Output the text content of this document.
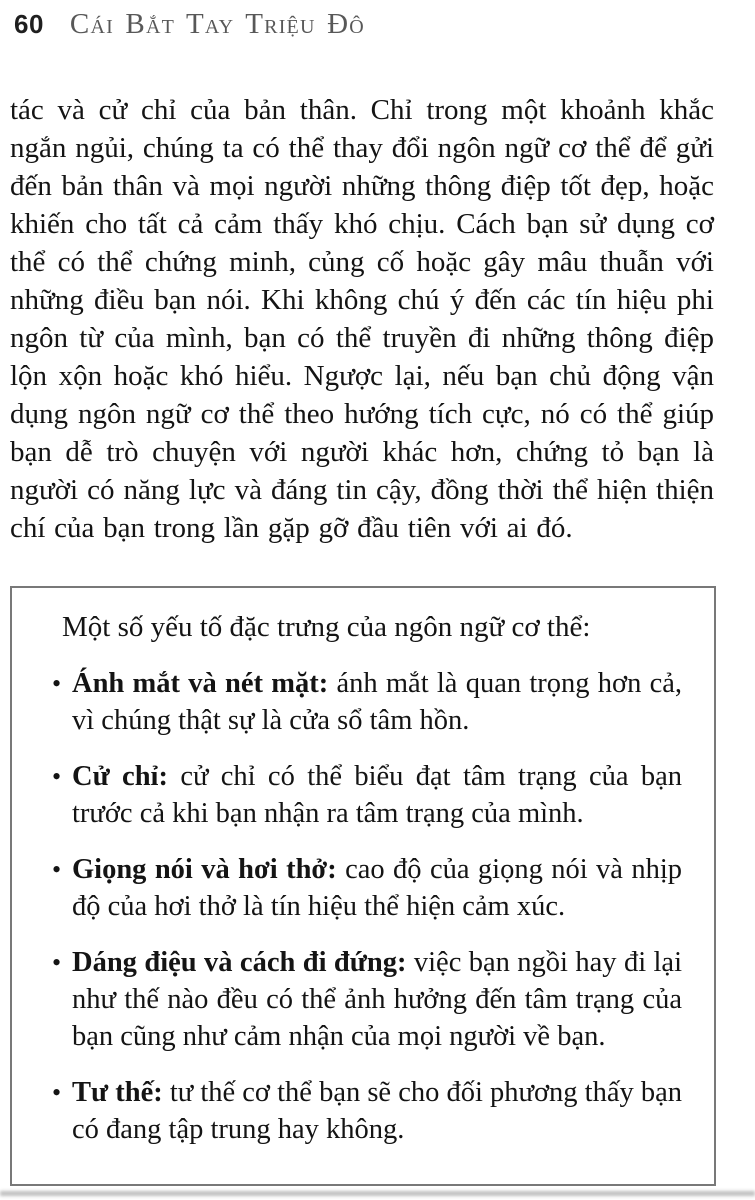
60 Cái Bắt Tay Triệu Đô

tác và cử chỉ của bản thân. Chỉ trong một khoảnh khắc ngắn ngủi, chúng ta có thể thay đổi ngôn ngữ cơ thể để gửi đến bản thân và mọi người những thông điệp tốt đẹp, hoặc khiến cho tất cả cảm thấy khó chịu. Cách bạn sử dụng cơ thể có thể chứng minh, củng cố hoặc gây mâu thuẫn với những điều bạn nói. Khi không chú ý đến các tín hiệu phi ngôn từ của mình, bạn có thể truyền đi những thông điệp lộn xộn hoặc khó hiểu. Ngược lại, nếu bạn chủ động vận dụng ngôn ngữ cơ thể theo hướng tích cực, nó có thể giúp bạn dễ trò chuyện với người khác hơn, chứng tỏ bạn là người có năng lực và đáng tin cậy, đồng thời thể hiện thiện chí của bạn trong lần gặp gỡ đầu tiên với ai đó.

Một số yếu tố đặc trưng của ngôn ngữ cơ thể:

• Ánh mắt và nét mặt: ánh mắt là quan trọng hơn cả, vì chúng thật sự là cửa sổ tâm hồn.
• Cử chỉ: cử chỉ có thể biểu đạt tâm trạng của bạn trước cả khi bạn nhận ra tâm trạng của mình.
• Giọng nói và hơi thở: cao độ của giọng nói và nhịp độ của hơi thở là tín hiệu thể hiện cảm xúc.
• Dáng điệu và cách đi đứng: việc bạn ngồi hay đi lại như thế nào đều có thể ảnh hưởng đến tâm trạng của bạn cũng như cảm nhận của mọi người về bạn.
• Tư thế: tư thế cơ thể bạn sẽ cho đối phương thấy bạn có đang tập trung hay không.
